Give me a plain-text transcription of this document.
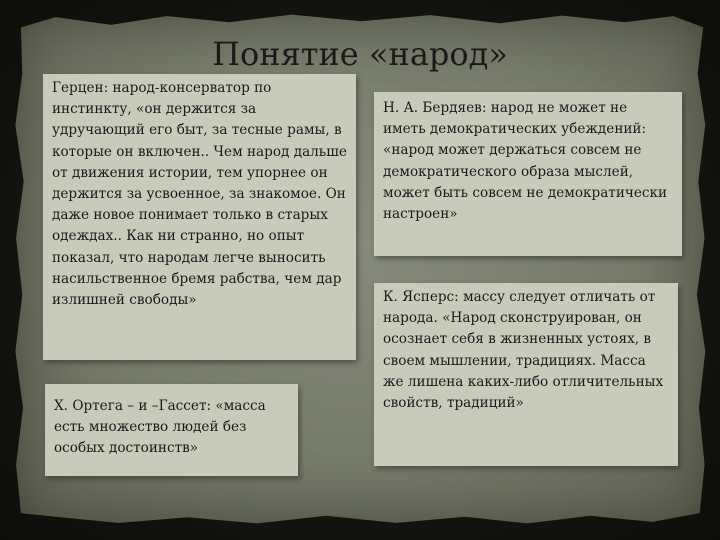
Понятие «народ»
Герцен: народ-консерватор по инстинкту, «он держится за удручающий его быт, за тесные рамы, в которые он включен.. Чем народ дальше от движения истории, тем упорнее он держится за усвоенное, за знакомое. Он даже новое понимает только в старых одеждах.. Как ни странно, но опыт показал, что народам легче выносить насильственное бремя рабства, чем дар излишней свободы»
Х. Ортега – и –Гассет: «масса есть множество людей без особых достоинств»
Н. А. Бердяев: народ не может не иметь демократических убеждений: «народ может держаться совсем не демократического образа мыслей, может быть совсем не демократически настроен»
К. Ясперс: массу следует отличать от народа. «Народ сконструирован, он осознает себя в жизненных устоях, в своем мышлении, традициях. Масса же лишена каких-либо отличительных свойств, традиций»
